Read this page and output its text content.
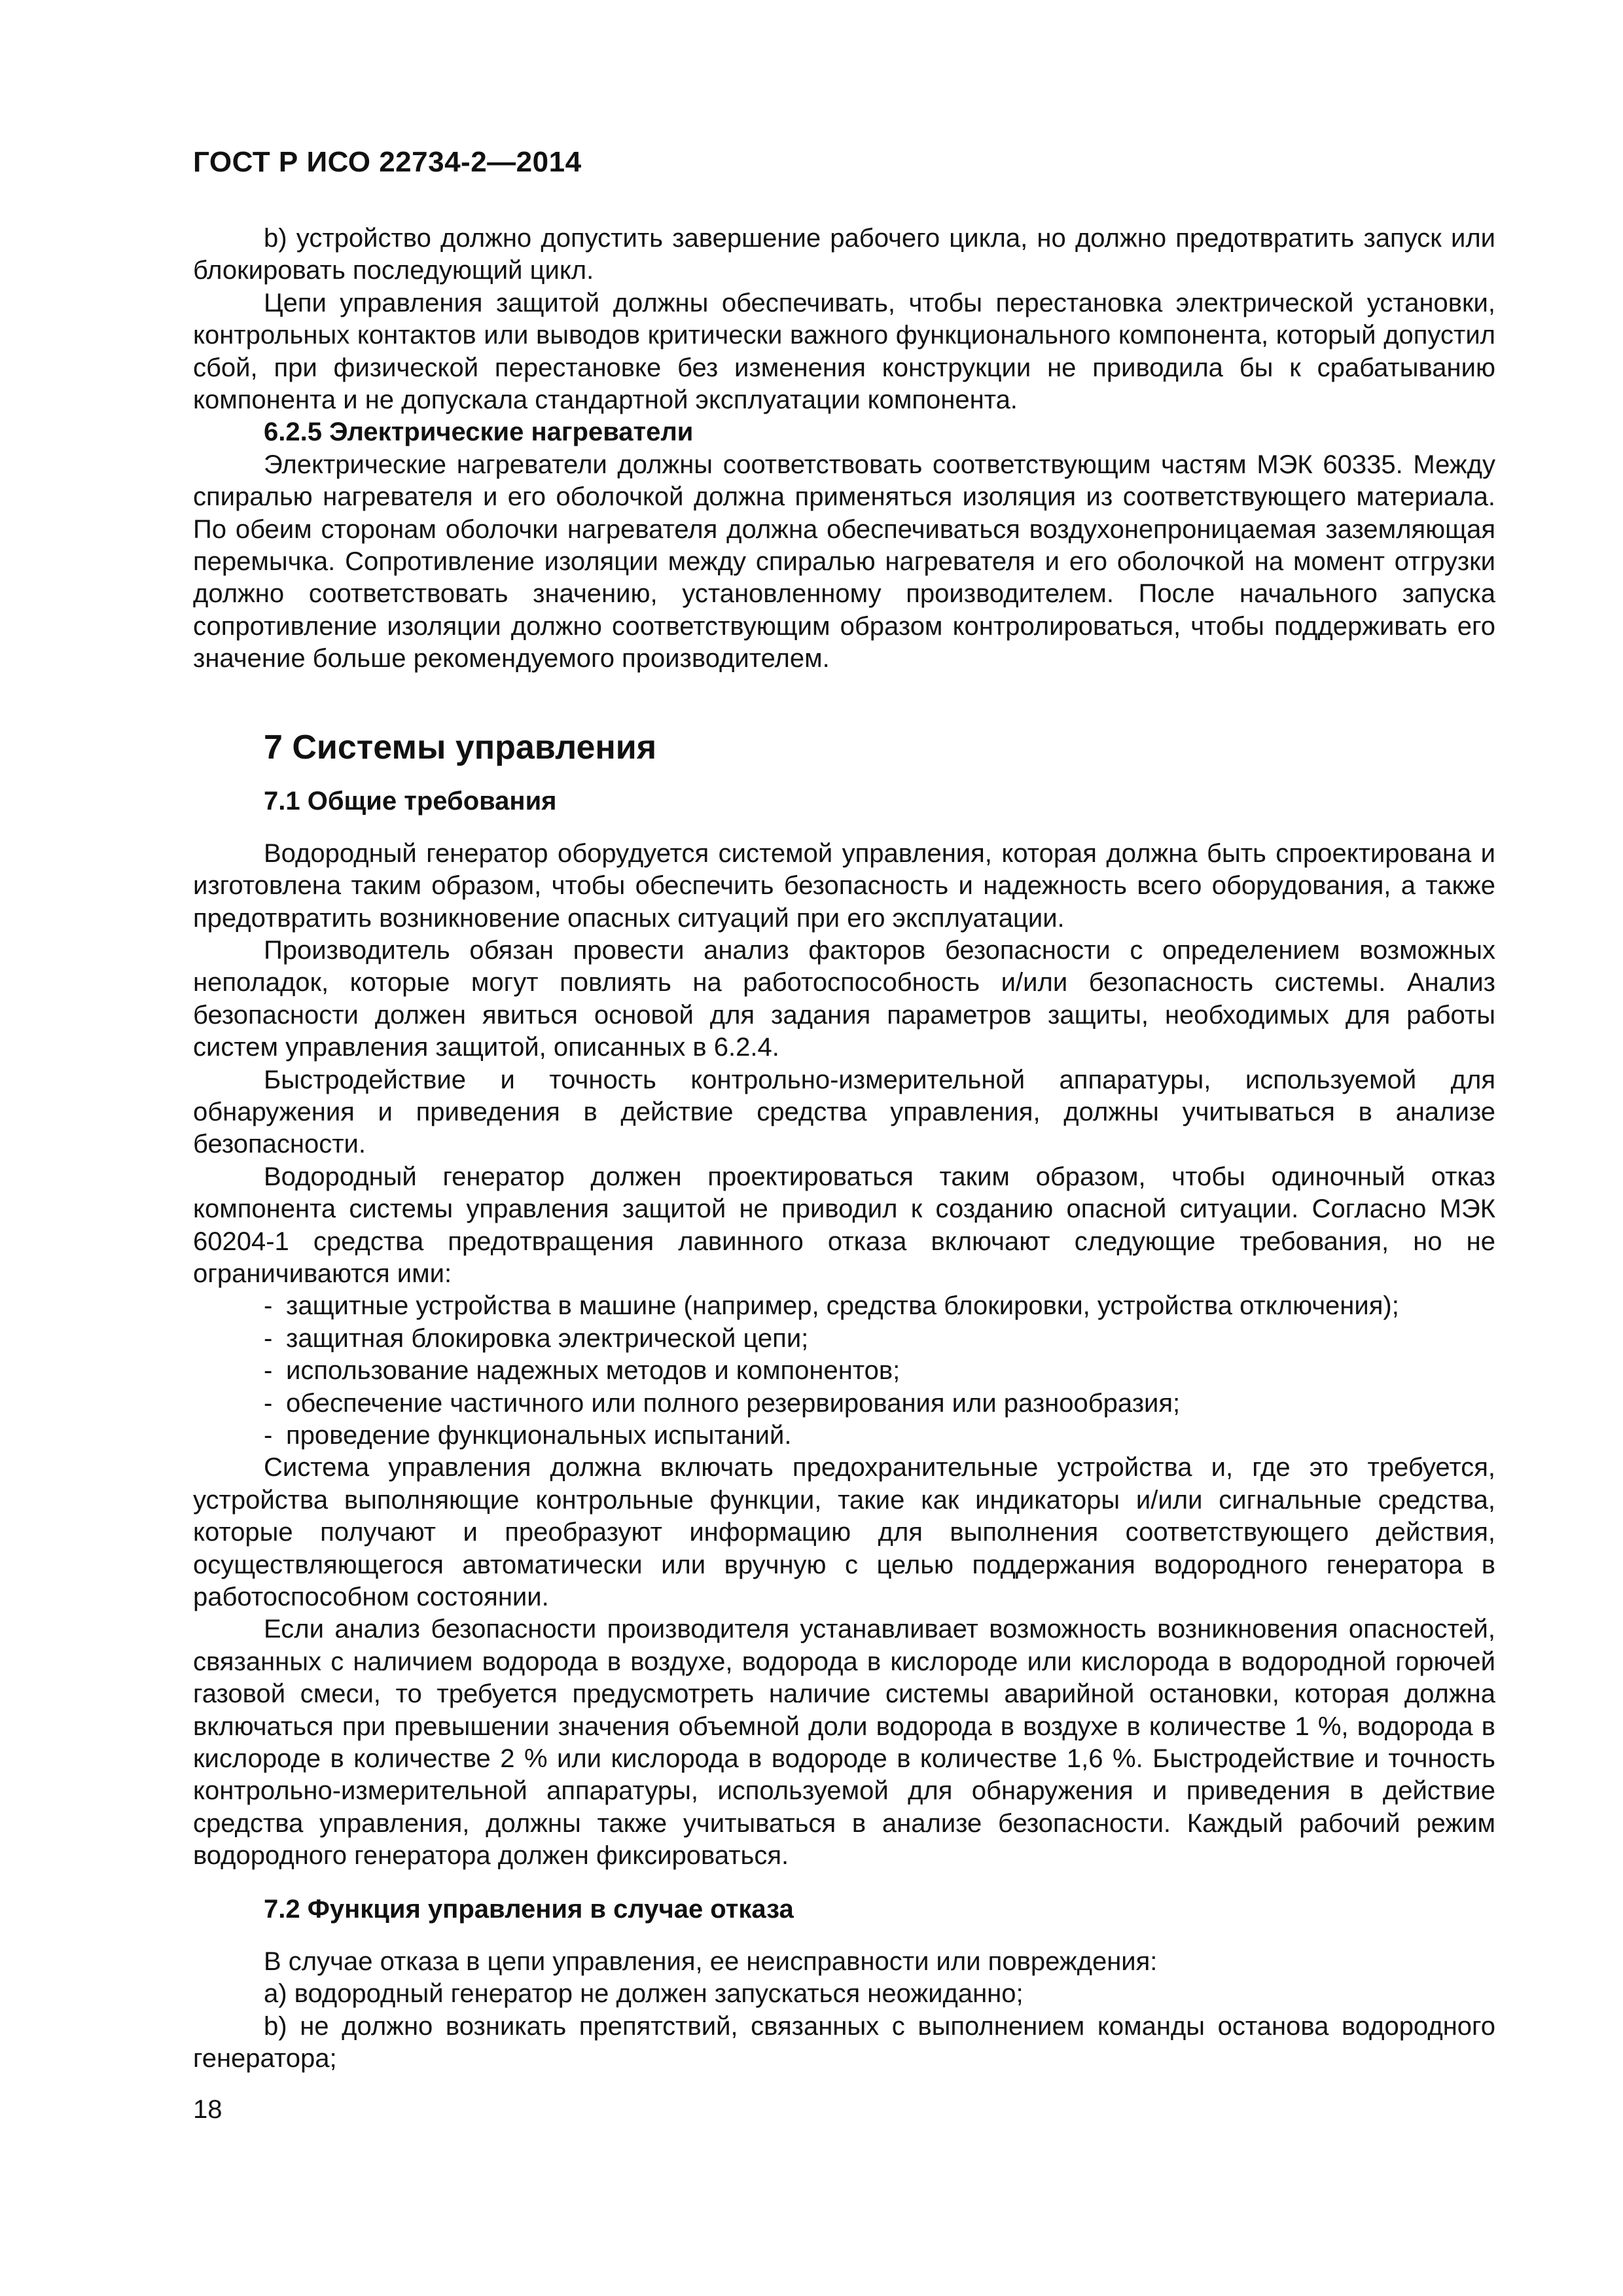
ГОСТ Р ИСО 22734-2—2014

b) устройство должно допустить завершение рабочего цикла, но должно предотвратить запуск или блокировать последующий цикл.

Цепи управления защитой должны обеспечивать, чтобы перестановка электрической установки, контрольных контактов или выводов критически важного функционального компонента, который допустил сбой, при физической перестановке без изменения конструкции не приводила бы к срабатыванию компонента и не допускала стандартной эксплуатации компонента.

6.2.5 Электрические нагреватели

Электрические нагреватели должны соответствовать соответствующим частям МЭК 60335. Между спиралью нагревателя и его оболочкой должна применяться изоляция из соответствующего материала. По обеим сторонам оболочки нагревателя должна обеспечиваться воздухонепроницаемая заземляющая перемычка. Сопротивление изоляции между спиралью нагревателя и его оболочкой на момент отгрузки должно соответствовать значению, установленному производителем. После начального запуска сопротивление изоляции должно соответствующим образом контролироваться, чтобы поддерживать его значение больше рекомендуемого производителем.

7 Системы управления
7.1 Общие требования

Водородный генератор оборудуется системой управления, которая должна быть спроектирована и изготовлена таким образом, чтобы обеспечить безопасность и надежность всего оборудования, а также предотвратить возникновение опасных ситуаций при его эксплуатации.

Производитель обязан провести анализ факторов безопасности с определением возможных неполадок, которые могут повлиять на работоспособность и/или безопасность системы. Анализ безопасности должен явиться основой для задания параметров защиты, необходимых для работы систем управления защитой, описанных в 6.2.4.

Быстродействие и точность контрольно-измерительной аппаратуры, используемой для обнаружения и приведения в действие средства управления, должны учитываться в анализе безопасности.

Водородный генератор должен проектироваться таким образом, чтобы одиночный отказ компонента системы управления защитой не приводил к созданию опасной ситуации. Согласно МЭК 60204-1 средства предотвращения лавинного отказа включают следующие требования, но не ограничиваются ими:

- защитные устройства в машине (например, средства блокировки, устройства отключения);
- защитная блокировка электрической цепи;
- использование надежных методов и компонентов;
- обеспечение частичного или полного резервирования или разнообразия;
- проведение функциональных испытаний.

Система управления должна включать предохранительные устройства и, где это требуется, устройства выполняющие контрольные функции, такие как индикаторы и/или сигнальные средства, которые получают и преобразуют информацию для выполнения соответствующего действия, осуществляющегося автоматически или вручную с целью поддержания водородного генератора в работоспособном состоянии.

Если анализ безопасности производителя устанавливает возможность возникновения опасностей, связанных с наличием водорода в воздухе, водорода в кислороде или кислорода в водородной горючей газовой смеси, то требуется предусмотреть наличие системы аварийной остановки, которая должна включаться при превышении значения объемной доли водорода в воздухе в количестве 1 %, водорода в кислороде в количестве 2 % или кислорода в водороде в количестве 1,6 %. Быстродействие и точность контрольно-измерительной аппаратуры, используемой для обнаружения и приведения в действие средства управления, должны также учитываться в анализе безопасности. Каждый рабочий режим водородного генератора должен фиксироваться.

7.2 Функция управления в случае отказа

В случае отказа в цепи управления, ее неисправности или повреждения:

a) водородный генератор не должен запускаться неожиданно;

b) не должно возникать препятствий, связанных с выполнением команды останова водородного генератора;

18
